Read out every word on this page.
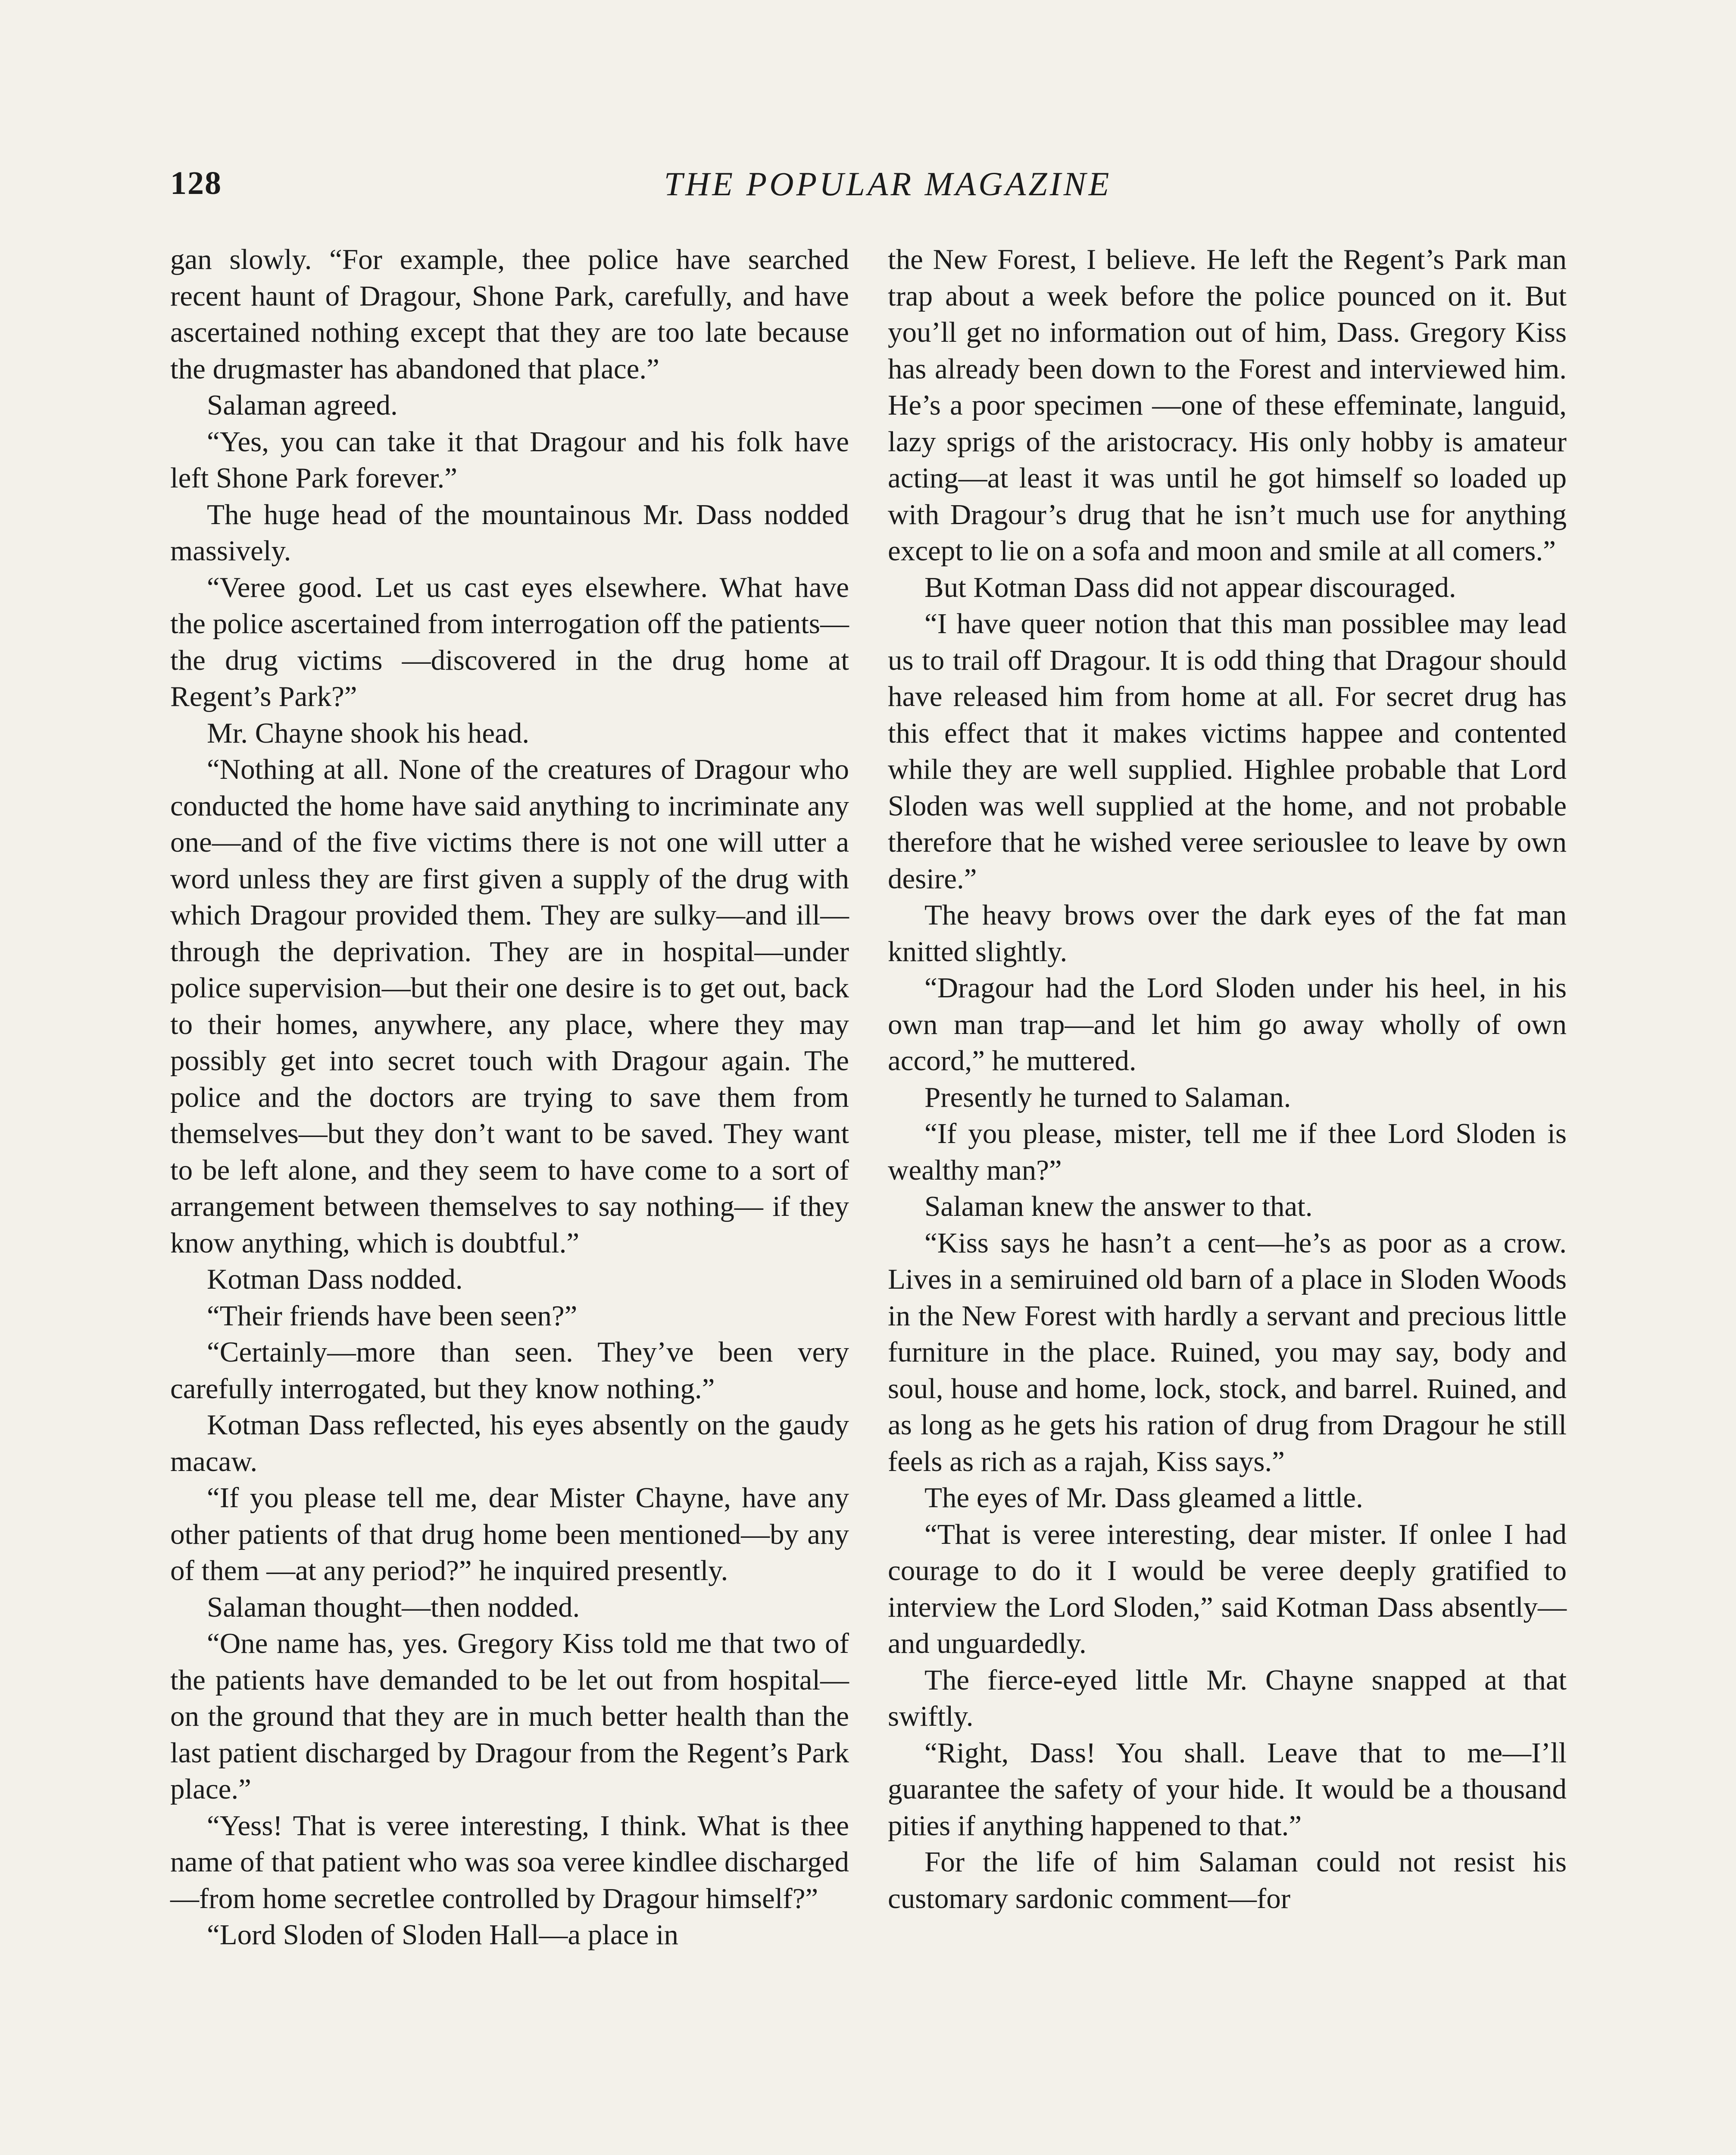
128	THE POPULAR MAGAZINE

gan slowly. “For example, thee police have searched recent haunt of Dragour, Shone Park, carefully, and have ascertained nothing except that they are too late because the drugmaster has abandoned that place.”

Salaman agreed.

“Yes, you can take it that Dragour and his folk have left Shone Park forever.”

The huge head of the mountainous Mr. Dass nodded massively.

“Veree good. Let us cast eyes elsewhere. What have the police ascertained from interrogation off the patients—the drug victims —discovered in the drug home at Regent’s Park?”

Mr. Chayne shook his head.

“Nothing at all. None of the creatures of Dragour who conducted the home have said anything to incriminate any one—and of the five victims there is not one will utter a word unless they are first given a supply of the drug with which Dragour provided them. They are sulky—and ill—through the deprivation. They are in hospital—under police supervision—but their one desire is to get out, back to their homes, anywhere, any place, where they may possibly get into secret touch with Dragour again. The police and the doctors are trying to save them from themselves—but they don’t want to be saved. They want to be left alone, and they seem to have come to a sort of arrangement between themselves to say nothing— if they know anything, which is doubtful.”

Kotman Dass nodded.

“Their friends have been seen?”

“Certainly—more than seen. They’ve been very carefully interrogated, but they know nothing.”

Kotman Dass reflected, his eyes absently on the gaudy macaw.

“If you please tell me, dear Mister Chayne, have any other patients of that drug home been mentioned—by any of them —at any period?” he inquired presently.

Salaman thought—then nodded.

“One name has, yes. Gregory Kiss told me that two of the patients have demanded to be let out from hospital—on the ground that they are in much better health than the last patient discharged by Dragour from the Regent’s Park place.”

“Yess! That is veree interesting, I think. What is thee name of that patient who was soa veree kindlee discharged—from home secretlee controlled by Dragour himself?”

“Lord Sloden of Sloden Hall—a place in

the New Forest, I believe. He left the Regent’s Park man trap about a week before the police pounced on it. But you’ll get no information out of him, Dass. Gregory Kiss has already been down to the Forest and interviewed him. He’s a poor specimen —one of these effeminate, languid, lazy sprigs of the aristocracy. His only hobby is amateur acting—at least it was until he got himself so loaded up with Dragour’s drug that he isn’t much use for anything except to lie on a sofa and moon and smile at all comers.”

But Kotman Dass did not appear discouraged.

“I have queer notion that this man possiblee may lead us to trail off Dragour. It is odd thing that Dragour should have released him from home at all. For secret drug has this effect that it makes victims happee and contented while they are well supplied. Highlee probable that Lord Sloden was well supplied at the home, and not probable therefore that he wished veree seriouslee to leave by own desire.”

The heavy brows over the dark eyes of the fat man knitted slightly.

“Dragour had the Lord Sloden under his heel, in his own man trap—and let him go away wholly of own accord,” he muttered.

Presently he turned to Salaman.

“If you please, mister, tell me if thee Lord Sloden is wealthy man?”

Salaman knew the answer to that.

“Kiss says he hasn’t a cent—he’s as poor as a crow. Lives in a semiruined old barn of a place in Sloden Woods in the New Forest with hardly a servant and precious little furniture in the place. Ruined, you may say, body and soul, house and home, lock, stock, and barrel. Ruined, and as long as he gets his ration of drug from Dragour he still feels as rich as a rajah, Kiss says.”

The eyes of Mr. Dass gleamed a little.

“That is veree interesting, dear mister. If onlee I had courage to do it I would be veree deeply gratified to interview the Lord Sloden,” said Kotman Dass absently—and unguardedly.

The fierce-eyed little Mr. Chayne snapped at that swiftly.

“Right, Dass! You shall. Leave that to me—I’ll guarantee the safety of your hide. It would be a thousand pities if anything happened to that.”

For the life of him Salaman could not resist his customary sardonic comment—for
